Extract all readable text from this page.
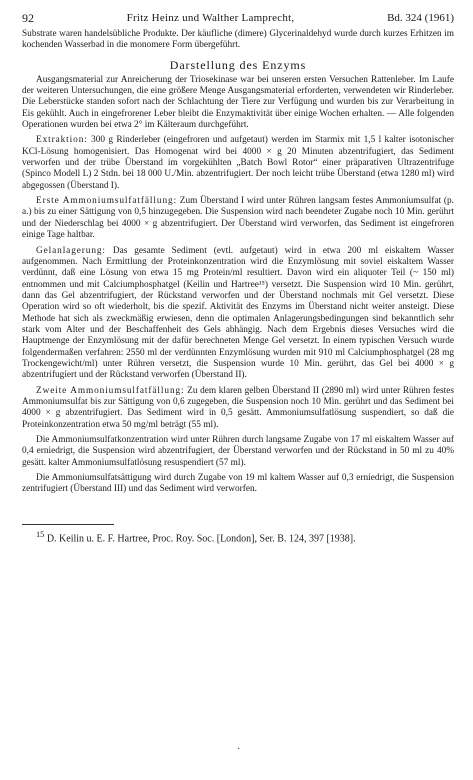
92	Fritz Heinz und Walther Lamprecht,	Bd. 324 (1961)

Substrate waren handelsübliche Produkte. Der käufliche (dimere) Glycerinaldehyd wurde durch kurzes Erhitzen im kochenden Wasserbad in die monomere Form übergeführt.

Darstellung des Enzyms

Ausgangsmaterial zur Anreicherung der Triosekinase war bei unseren ersten Versuchen Rattenleber. Im Laufe der weiteren Untersuchungen, die eine größere Menge Ausgangsmaterial erforderten, verwendeten wir Rinderleber. Die Leberstücke standen sofort nach der Schlachtung der Tiere zur Verfügung und wurden bis zur Verarbeitung in Eis gekühlt. Auch in eingefrorener Leber bleibt die Enzymaktivität über einige Wochen erhalten. — Alle folgenden Operationen wurden bei etwa 2° im Kälteraum durchgeführt.

Extraktion: 300 g Rinderleber (eingefroren und aufgetaut) werden im Starmix mit 1,5 l kalter isotonischer KCl-Lösung homogenisiert. Das Homogenat wird bei 4000 × g 20 Minuten abzentrifugiert, das Sediment verworfen und der trübe Überstand im vorgekühlten „Batch Bowl Rotor“ einer präparativen Ultrazentrifuge (Spinco Modell L) 2 Stdn. bei 18 000 U./Min. abzentrifugiert. Der noch leicht trübe Überstand (etwa 1280 ml) wird abgegossen (Überstand I).

Erste Ammoniumsulfatfällung: Zum Überstand I wird unter Rühren langsam festes Ammoniumsulfat (p. a.) bis zu einer Sättigung von 0,5 hinzugegeben. Die Suspension wird nach beendeter Zugabe noch 10 Min. gerührt und der Niederschlag bei 4000 × g abzentrifugiert. Der Überstand wird verworfen, das Sediment ist eingefroren einige Tage haltbar.

Gelanlagerung: Das gesamte Sediment (evtl. aufgetaut) wird in etwa 200 ml eiskaltem Wasser aufgenommen. Nach Ermittlung der Proteinkonzentration wird die Enzymlösung mit soviel eiskaltem Wasser verdünnt, daß eine Lösung von etwa 15 mg Protein/ml resultiert. Davon wird ein aliquoter Teil (~ 150 ml) entnommen und mit Calciumphosphatgel (Keilin und Hartree¹⁵) versetzt. Die Suspension wird 10 Min. gerührt, dann das Gel abzentrifugiert, der Rückstand verworfen und der Überstand nochmals mit Gel versetzt. Diese Operation wird so oft wiederholt, bis die spezif. Aktivität des Enzyms im Überstand nicht weiter ansteigt. Diese Methode hat sich als zweckmäßig erwiesen, denn die optimalen Anlagerungsbedingungen sind bekanntlich sehr stark vom Alter und der Beschaffenheit des Gels abhängig. Nach dem Ergebnis dieses Versuches wird die Hauptmenge der Enzymlösung mit der dafür berechneten Menge Gel versetzt. In einem typischen Versuch wurde folgendermaßen verfahren: 2550 ml der verdünnten Enzymlösung wurden mit 910 ml Calciumphosphatgel (28 mg Trockengewicht/ml) unter Rühren versetzt, die Suspension wurde 10 Min. gerührt, das Gel bei 4000 × g abzentrifugiert und der Rückstand verworfen (Überstand II).

Zweite Ammoniumsulfatfällung: Zu dem klaren gelben Überstand II (2890 ml) wird unter Rühren festes Ammoniumsulfat bis zur Sättigung von 0,6 zugegeben, die Suspension noch 10 Min. gerührt und das Sediment bei 4000 × g abzentrifugiert. Das Sediment wird in 0,5 gesätt. Ammoniumsulfatlösung suspendiert, so daß die Proteinkonzentration etwa 50 mg/ml beträgt (55 ml).

Die Ammoniumsulfatkonzentration wird unter Rühren durch langsame Zugabe von 17 ml eiskaltem Wasser auf 0,4 erniedrigt, die Suspension wird abzentrifugiert, der Überstand verworfen und der Rückstand in 50 ml zu 40% gesätt. kalter Ammoniumsulfatlösung resuspendiert (57 ml).

Die Ammoniumsulfatsättigung wird durch Zugabe von 19 ml kaltem Wasser auf 0,3 erniedrigt, die Suspension zentrifugiert (Überstand III) und das Sediment wird verworfen.

$^{15}$ D. Keilin u. E. F. Hartree, Proc. Roy. Soc. [London], Ser. B. 124, 397 [1938].

·
